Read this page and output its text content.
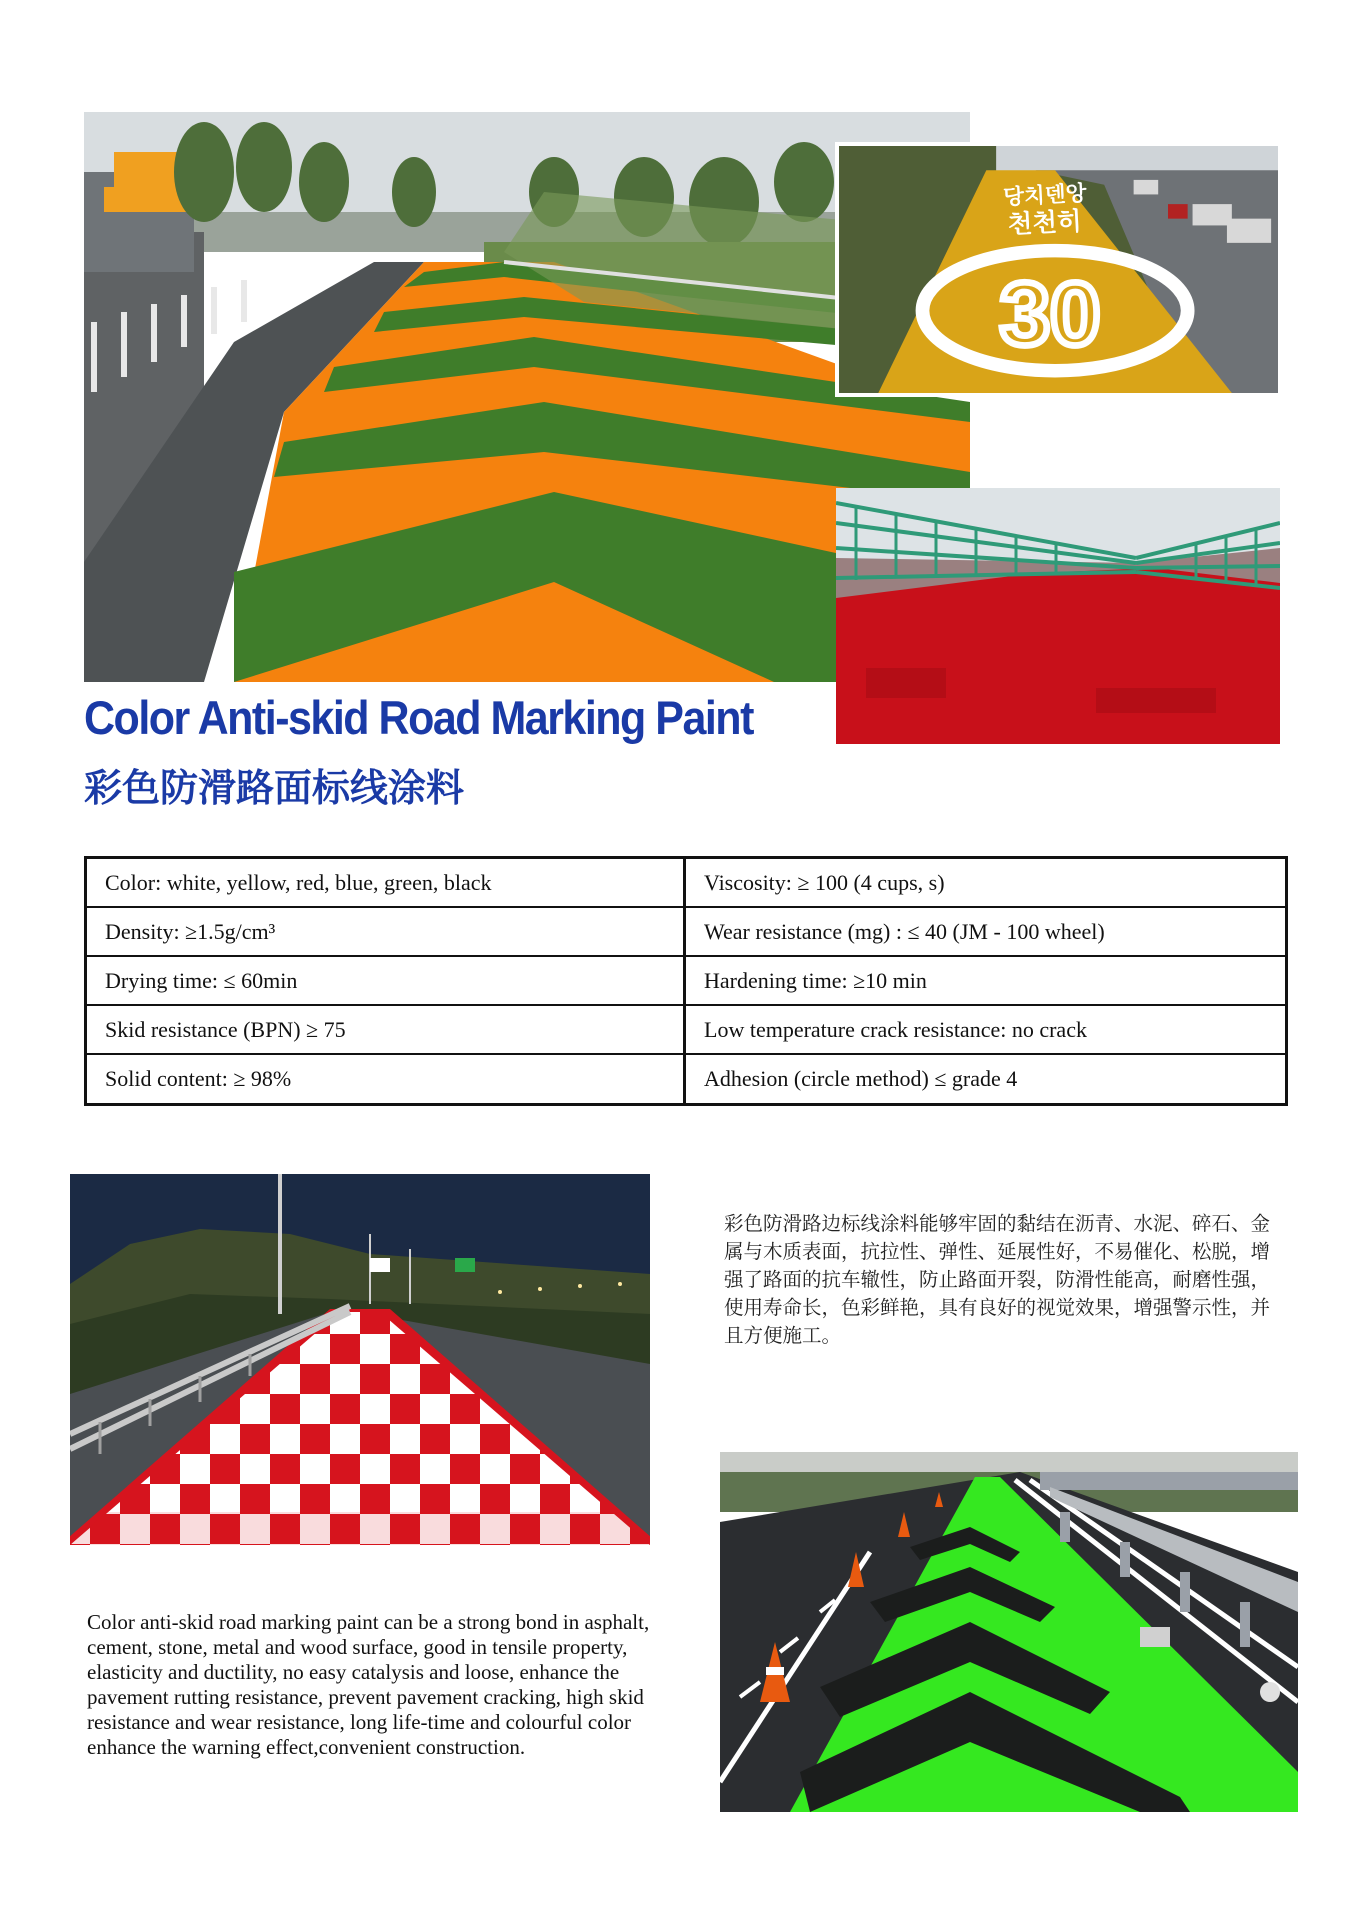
30
당치덴앙
천천히
Color Anti-skid Road Marking Paint
彩色防滑路面标线涂料
Color: white, yellow, red, blue, green, black	Viscosity: ≥ 100 (4 cups, s)
Density: ≥1.5g/cm³	Wear resistance (mg) : ≤ 40 (JM - 100 wheel)
Drying time: ≤ 60min	Hardening time: ≥10 min
Skid resistance (BPN) ≥ 75	Low temperature crack resistance: no crack
Solid content: ≥ 98%	Adhesion (circle method) ≤ grade 4

彩色防滑路边标线涂料能够牢固的黏结在沥青、水泥、碎石、金属与木质表面，抗拉性、弹性、延展性好，不易催化、松脱，增强了路面的抗车辙性，防止路面开裂，防滑性能高，耐磨性强，使用寿命长，色彩鲜艳，具有良好的视觉效果，增强警示性，并且方便施工。

Color anti-skid road marking paint can be a strong bond in asphalt, cement, stone, metal and wood surface, good in tensile property, elasticity and ductility, no easy catalysis and loose, enhance the pavement rutting resistance, prevent pavement cracking, high skid resistance and wear resistance, long life-time and colourful color enhance the warning effect,convenient construction.
